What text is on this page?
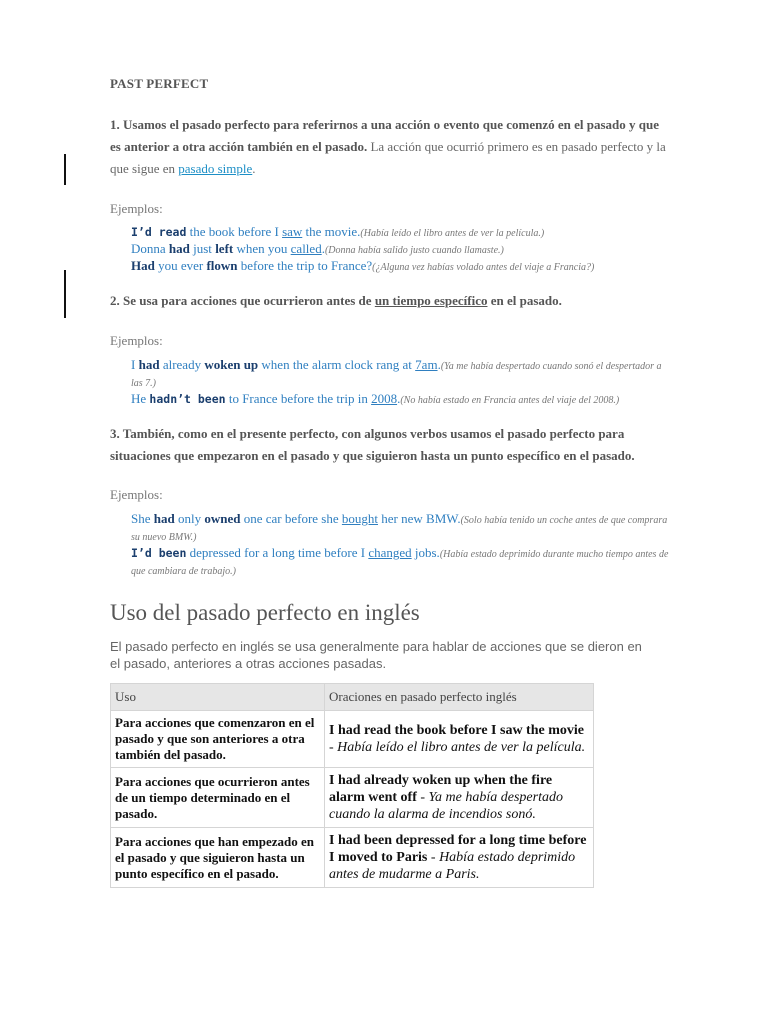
PAST PERFECT
1. Usamos el pasado perfecto para referirnos a una acción o evento que comenzó en el pasado y que es anterior a otra acción también en el pasado. La acción que ocurrió primero es en pasado perfecto y la que sigue en pasado simple.
Ejemplos:
I’d read the book before I saw the movie.(Había leído el libro antes de ver la película.)
Donna had just left when you called.(Donna había salido justo cuando llamaste.)
Had you ever flown before the trip to France?(¿Alguna vez habías volado antes del viaje a Francia?)
2. Se usa para acciones que ocurrieron antes de un tiempo específico en el pasado.
Ejemplos:
I had already woken up when the alarm clock rang at 7am.(Ya me había despertado cuando sonó el despertador a las 7.)
He hadn’t been to France before the trip in 2008.(No había estado en Francia antes del viaje del 2008.)
3. También, como en el presente perfecto, con algunos verbos usamos el pasado perfecto para situaciones que empezaron en el pasado y que siguieron hasta un punto específico en el pasado.
Ejemplos:
She had only owned one car before she bought her new BMW.(Solo había tenido un coche antes de que comprara su nuevo BMW.)
I’d been depressed for a long time before I changed jobs.(Había estado deprimido durante mucho tiempo antes de que cambiara de trabajo.)
Uso del pasado perfecto en inglés
El pasado perfecto en inglés se usa generalmente para hablar de acciones que se dieron en el pasado, anteriores a otras acciones pasadas.
Uso	Oraciones en pasado perfecto inglés
Para acciones que comenzaron en el pasado y que son anteriores a otra también del pasado.	I had read the book before I saw the movie - Había leído el libro antes de ver la película.
Para acciones que ocurrieron antes de un tiempo determinado en el pasado.	I had already woken up when the fire alarm went off - Ya me había despertado cuando la alarma de incendios sonó.
Para acciones que han empezado en el pasado y que siguieron hasta un punto específico en el pasado.	I had been depressed for a long time before I moved to Paris - Había estado deprimido antes de mudarme a Paris.
